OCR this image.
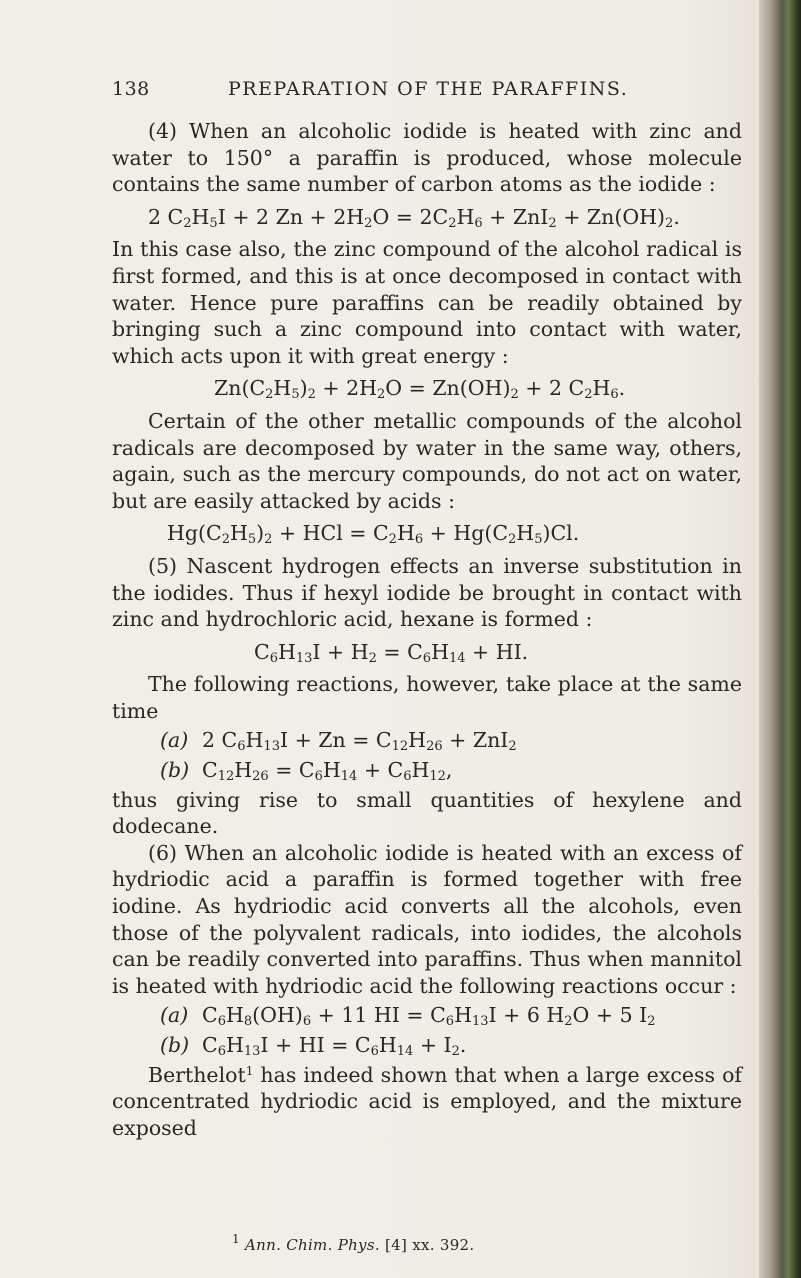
138	PREPARATION OF THE PARAFFINS.

(4) When an alcoholic iodide is heated with zinc and water to 150° a paraffin is produced, whose molecule contains the same number of carbon atoms as the iodide :

2 $C_2H_5I + 2$ $Zn + 2H_2O = 2C_2H_6 + ZnI_2 + Zn(OH)_2$.

In this case also, the zinc compound of the alcohol radical is first formed, and this is at once decomposed in contact with water. Hence pure paraffins can be readily obtained by bringing such a zinc compound into contact with water, which acts upon it with great energy :

$Zn(C_2H_5)_2 + 2H_2O = Zn(OH)_2 + 2$ $C_2H_6$.

Certain of the other metallic compounds of the alcohol radicals are decomposed by water in the same way, others, again, such as the mercury compounds, do not act on water, but are easily attacked by acids :

$Hg(C_2H_5)_2$ + HCl = $C_2H_6 + Hg(C_2H_5)Cl$.

(5) Nascent hydrogen effects an inverse substitution in the iodides. Thus if hexyl iodide be brought in contact with zinc and hydrochloric acid, hexane is formed :

$C_6H_{13}I + H_2 = C_6H_{14}$ + HI.

The following reactions, however, take place at the same time

(a) 2 $C_6H_{13}I + Zn = C_{12}H_{26} + ZnI_2$
(b) $C_{12}H_{26} = C_6H_{14} + C_6H_{12}$,

thus giving rise to small quantities of hexylene and dodecane.

(6) When an alcoholic iodide is heated with an excess of hydriodic acid a paraffin is formed together with free iodine. As hydriodic acid converts all the alcohols, even those of the polyvalent radicals, into iodides, the alcohols can be readily converted into paraffins. Thus when mannitol is heated with hydriodic acid the following reactions occur :

(a) $C_6H_8(OH)_6 + 11$ HI = $C_6H_{13}I + 6$ $H_2O + 5$ $I_2$
(b) $C_6H_{13}I$ + HI = $C_6H_{14} + I_2$.

Berthelot$^1$ has indeed shown that when a large excess of concentrated hydriodic acid is employed, and the mixture exposed

$^1$ Ann. Chim. Phys. [4] xx. 392.
